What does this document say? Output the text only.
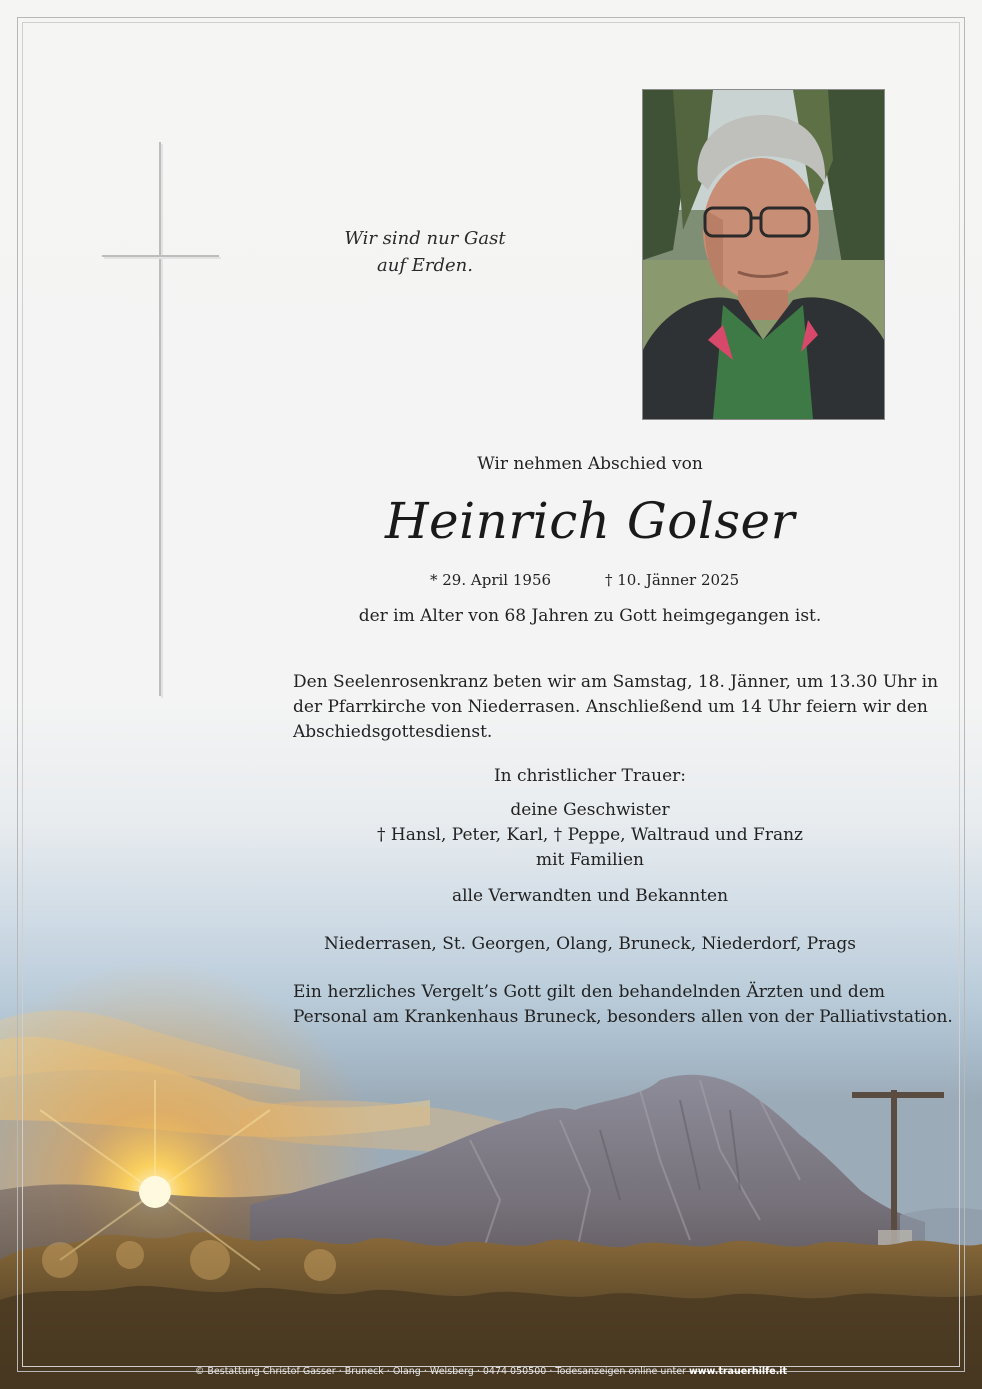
Wir sind nur Gast
auf Erden.
Wir nehmen Abschied von
Heinrich Golser
* 29. April 1956	† 10. Jänner 2025
der im Alter von 68 Jahren zu Gott heimgegangen ist.
Den Seelenrosenkranz beten wir am Samstag, 18. Jänner, um 13.30 Uhr in
der Pfarrkirche von Niederrasen. Anschließend um 14 Uhr feiern wir den
Abschiedsgottesdienst.
In christlicher Trauer:
deine Geschwister
† Hansl, Peter, Karl, † Peppe, Waltraud und Franz
mit Familien
alle Verwandten und Bekannten
Niederrasen, St. Georgen, Olang, Bruneck, Niederdorf, Prags
Ein herzliches Vergelt’s Gott gilt den behandelnden Ärzten und dem
Personal am Krankenhaus Bruneck, besonders allen von der Palliativstation.
© Bestattung Christof Gasser · Bruneck · Olang · Welsberg · 0474 050500 · Todesanzeigen online unter www.trauerhilfe.it
